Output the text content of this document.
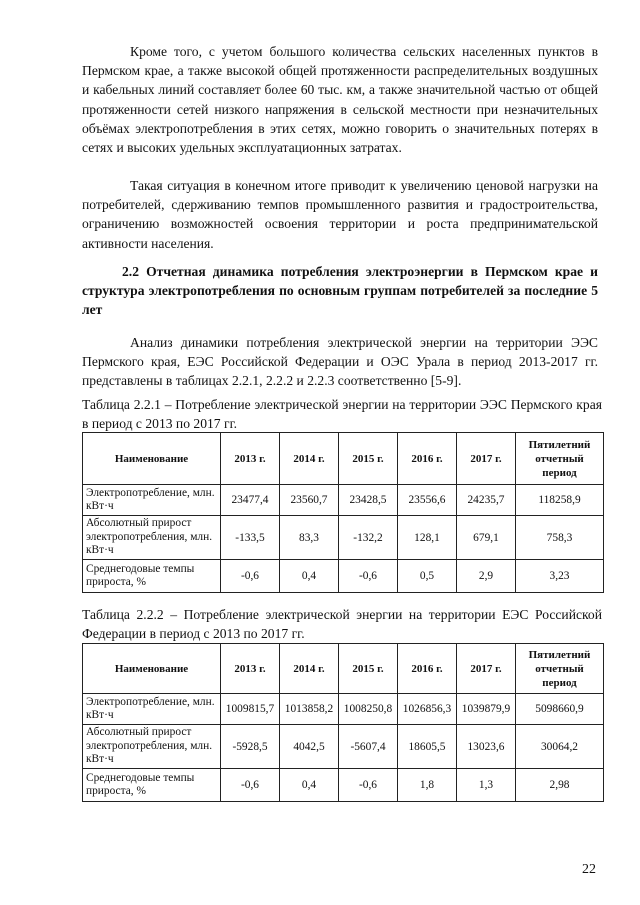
Кроме того, с учетом большого количества сельских населенных пунктов в Пермском крае, а также высокой общей протяженности распределительных воздушных и кабельных линий составляет более 60 тыс. км, а также значительной частью от общей протяженности сетей низкого напряжения в сельской местности при незначительных объёмах электропотребления в этих сетях, можно говорить о значительных потерях в сетях и высоких удельных эксплуатационных затратах.

Такая ситуация в конечном итоге приводит к увеличению ценовой нагрузки на потребителей, сдерживанию темпов промышленного развития и градостроительства, ограничению возможностей освоения территории и роста предпринимательской активности населения.

2.2 Отчетная динамика потребления электроэнергии в Пермском крае и структура электропотребления по основным группам потребителей за последние 5 лет

Анализ динамики потребления электрической энергии на территории ЭЭС Пермского края, ЕЭС Российской Федерации и ОЭС Урала в период 2013-2017 гг. представлены в таблицах 2.2.1, 2.2.2 и 2.2.3 соответственно [5-9].

Таблица 2.2.1 – Потребление электрической энергии на территории ЭЭС Пермского края в период с 2013 по 2017 гг.

Наименование	2013 г.	2014 г.	2015 г.	2016 г.	2017 г.	Пятилетний отчетный период
Электропотребление, млн. кВт·ч	23477,4	23560,7	23428,5	23556,6	24235,7	118258,9
Абсолютный прирост электропотребления, млн. кВт·ч	-133,5	83,3	-132,2	128,1	679,1	758,3
Среднегодовые темпы прироста, %	-0,6	0,4	-0,6	0,5	2,9	3,23

Таблица 2.2.2 – Потребление электрической энергии на территории ЕЭС Российской Федерации в период с 2013 по 2017 гг.

Наименование	2013 г.	2014 г.	2015 г.	2016 г.	2017 г.	Пятилетний отчетный период
Электропотребление, млн. кВт·ч	1009815,7	1013858,2	1008250,8	1026856,3	1039879,9	5098660,9
Абсолютный прирост электропотребления, млн. кВт·ч	-5928,5	4042,5	-5607,4	18605,5	13023,6	30064,2
Среднегодовые темпы прироста, %	-0,6	0,4	-0,6	1,8	1,3	2,98
22
